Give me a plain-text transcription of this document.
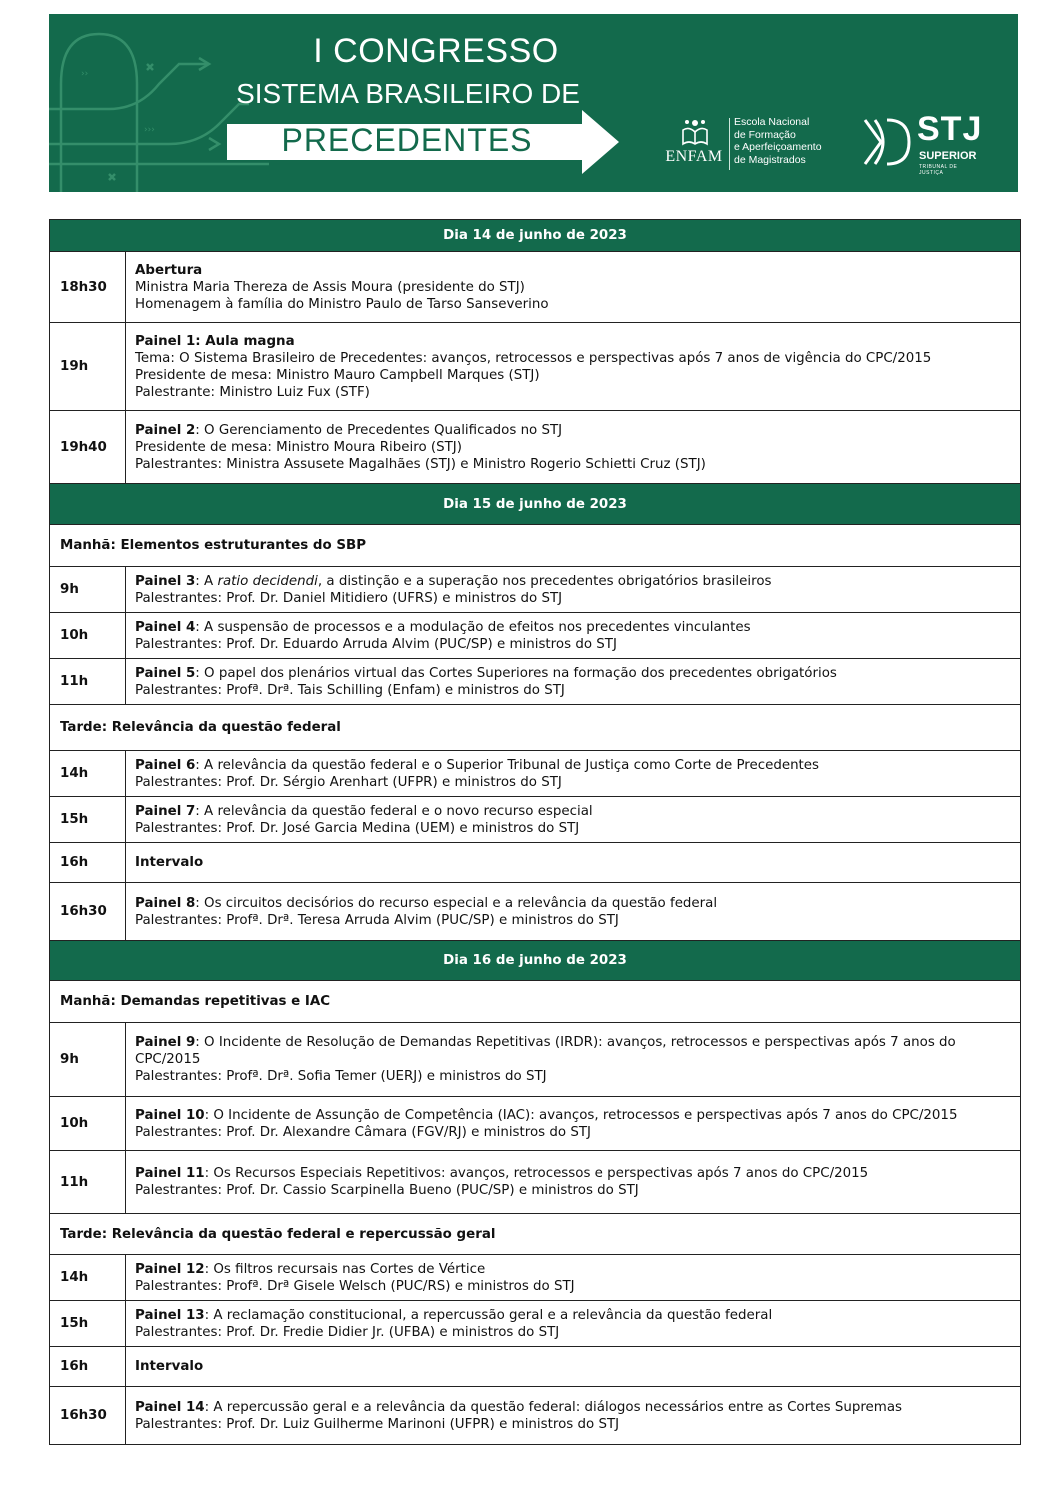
››
›››
I CONGRESSO
SISTEMA BRASILEIRO DE
PRECEDENTES	ENFAM
Escola Nacional
de Formação
e Aperfeiçoamento
de Magistrados
STJ
SUPERIOR
TRIBUNAL DE JUSTIÇA
Dia 14 de junho de 2023	
18h30	Abertura
Ministra Maria Thereza de Assis Moura (presidente do STJ)
Homenagem à família do Ministro Paulo de Tarso Sanseverino

19h	Painel 1: Aula magna
Tema: O Sistema Brasileiro de Precedentes: avanços, retrocessos e perspectivas após 7 anos de vigência do CPC/2015
Presidente de mesa: Ministro Mauro Campbell Marques (STJ)
Palestrante: Ministro Luiz Fux (STF)

19h40	Painel 2: O Gerenciamento de Precedentes Qualificados no STJ
Presidente de mesa: Ministro Moura Ribeiro (STJ)
Palestrantes: Ministra Assusete Magalhães (STJ) e Ministro Rogerio Schietti Cruz (STJ)

Dia 15 de junho de 2023	
Manhã: Elementos estruturantes do SBP	
9h	Painel 3: A ratio decidendi, a distinção e a superação nos precedentes obrigatórios brasileiros
Palestrantes: Prof. Dr. Daniel Mitidiero (UFRS) e ministros do STJ

10h	Painel 4: A suspensão de processos e a modulação de efeitos nos precedentes vinculantes
Palestrantes: Prof. Dr. Eduardo Arruda Alvim (PUC/SP) e ministros do STJ

11h	Painel 5: O papel dos plenários virtual das Cortes Superiores na formação dos precedentes obrigatórios
Palestrantes: Profª. Drª. Tais Schilling (Enfam) e ministros do STJ

Tarde: Relevância da questão federal	
14h	Painel 6: A relevância da questão federal e o Superior Tribunal de Justiça como Corte de Precedentes
Palestrantes: Prof. Dr. Sérgio Arenhart (UFPR) e ministros do STJ

15h	Painel 7: A relevância da questão federal e o novo recurso especial
Palestrantes: Prof. Dr. José Garcia Medina (UEM) e ministros do STJ

16h	Intervalo

16h30	Painel 8: Os circuitos decisórios do recurso especial e a relevância da questão federal
Palestrantes: Profª. Drª. Teresa Arruda Alvim (PUC/SP) e ministros do STJ

Dia 16 de junho de 2023	
Manhã: Demandas repetitivas e IAC	
9h	Painel 9: O Incidente de Resolução de Demandas Repetitivas (IRDR): avanços, retrocessos e perspectivas após 7 anos do CPC/2015
Palestrantes: Profª. Drª. Sofia Temer (UERJ) e ministros do STJ

10h	Painel 10: O Incidente de Assunção de Competência (IAC): avanços, retrocessos e perspectivas após 7 anos do CPC/2015
Palestrantes: Prof. Dr. Alexandre Câmara (FGV/RJ) e ministros do STJ

11h	Painel 11: Os Recursos Especiais Repetitivos: avanços, retrocessos e perspectivas após 7 anos do CPC/2015
Palestrantes: Prof. Dr. Cassio Scarpinella Bueno (PUC/SP) e ministros do STJ

Tarde: Relevância da questão federal e repercussão geral	
14h	Painel 12: Os filtros recursais nas Cortes de Vértice
Palestrantes: Profª. Drª Gisele Welsch (PUC/RS) e ministros do STJ

15h	Painel 13: A reclamação constitucional, a repercussão geral e a relevância da questão federal
Palestrantes: Prof. Dr. Fredie Didier Jr. (UFBA) e ministros do STJ

16h	Intervalo

16h30	Painel 14: A repercussão geral e a relevância da questão federal: diálogos necessários entre as Cortes Supremas
Palestrantes: Prof. Dr. Luiz Guilherme Marinoni (UFPR) e ministros do STJ
